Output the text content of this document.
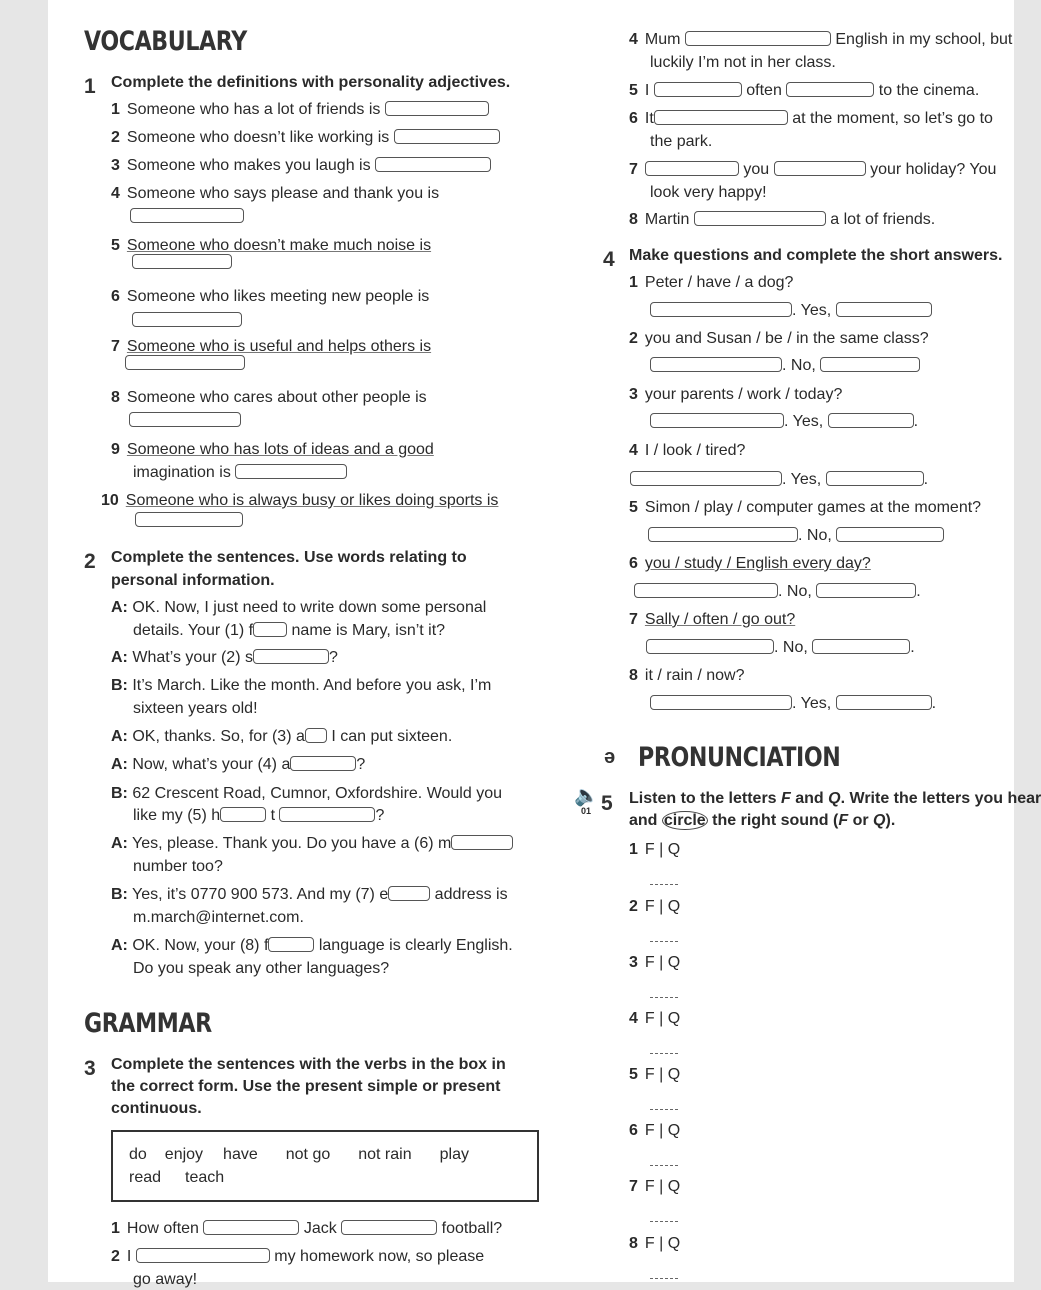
VOCABULARY
1 Complete the definitions with personality adjectives.
1 Someone who has a lot of friends is
2 Someone who doesn’t like working is
3 Someone who makes you laugh is
4 Someone who says please and thank you is
5 Someone who doesn’t make much noise is
6 Someone who likes meeting new people is
7 Someone who is useful and helps others is
8 Someone who cares about other people is
9 Someone who has lots of ideas and a good
imagination is
10 Someone who is always busy or likes doing sports is
2 Complete the sentences. Use words relating to
personal information.
A: OK. Now, I just need to write down some personal
details. Your (1) f name is Mary, isn’t it?
A: What’s your (2) s	?
B: It’s March. Like the month. And before you ask, I’m
sixteen years old!
A: OK, thanks. So, for (3) a I can put sixteen.
A: Now, what’s your (4) a	?
B: 62 Crescent Road, Cumnor, Oxfordshire. Would you
like my (5) h	t	?
A: Yes, please. Thank you. Do you have a (6) m
number too?
B: Yes, it’s 0770 900 573. And my (7) e	address is
m.march@internet.com.
A: OK. Now, your (8) f	language is clearly English.
Do you speak any other languages?
GRAMMAR
3 Complete the sentences with the verbs in the box in
the correct form. Use the present simple or present
continuous.
do enjoy have not go not rain play
read teach
1 How often	Jack	football?
2 I	my homework now, so please
go away!
4 Mum	English in my school, but
luckily I’m not in her class.
5 I	often	to the cinema.
6 It	at the moment, so let’s go to
the park.
7	you	your holiday? You
look very happy!
8 Martin	a lot of friends.
4 Make questions and complete the short answers.
1 Peter / have / a dog?
. Yes,
2 you and Susan / be / in the same class?
. No,
3 your parents / work / today?
. Yes,	.
4 I / look / tired?
. Yes,	.
5 Simon / play / computer games at the moment?
. No,
6 you / study / English every day?
. No,	.
7 Sally / often / go out?
. No,	.
8 it / rain / now?
. Yes,	.
ə PRONUNCIATION
🔈
01 5 Listen to the letters F and Q. Write the letters you hear
and circle the right sound (F or Q).
1 F | Q
2 F | Q
3 F | Q
4 F | Q
5 F | Q
6 F | Q
7 F | Q
8 F | Q
